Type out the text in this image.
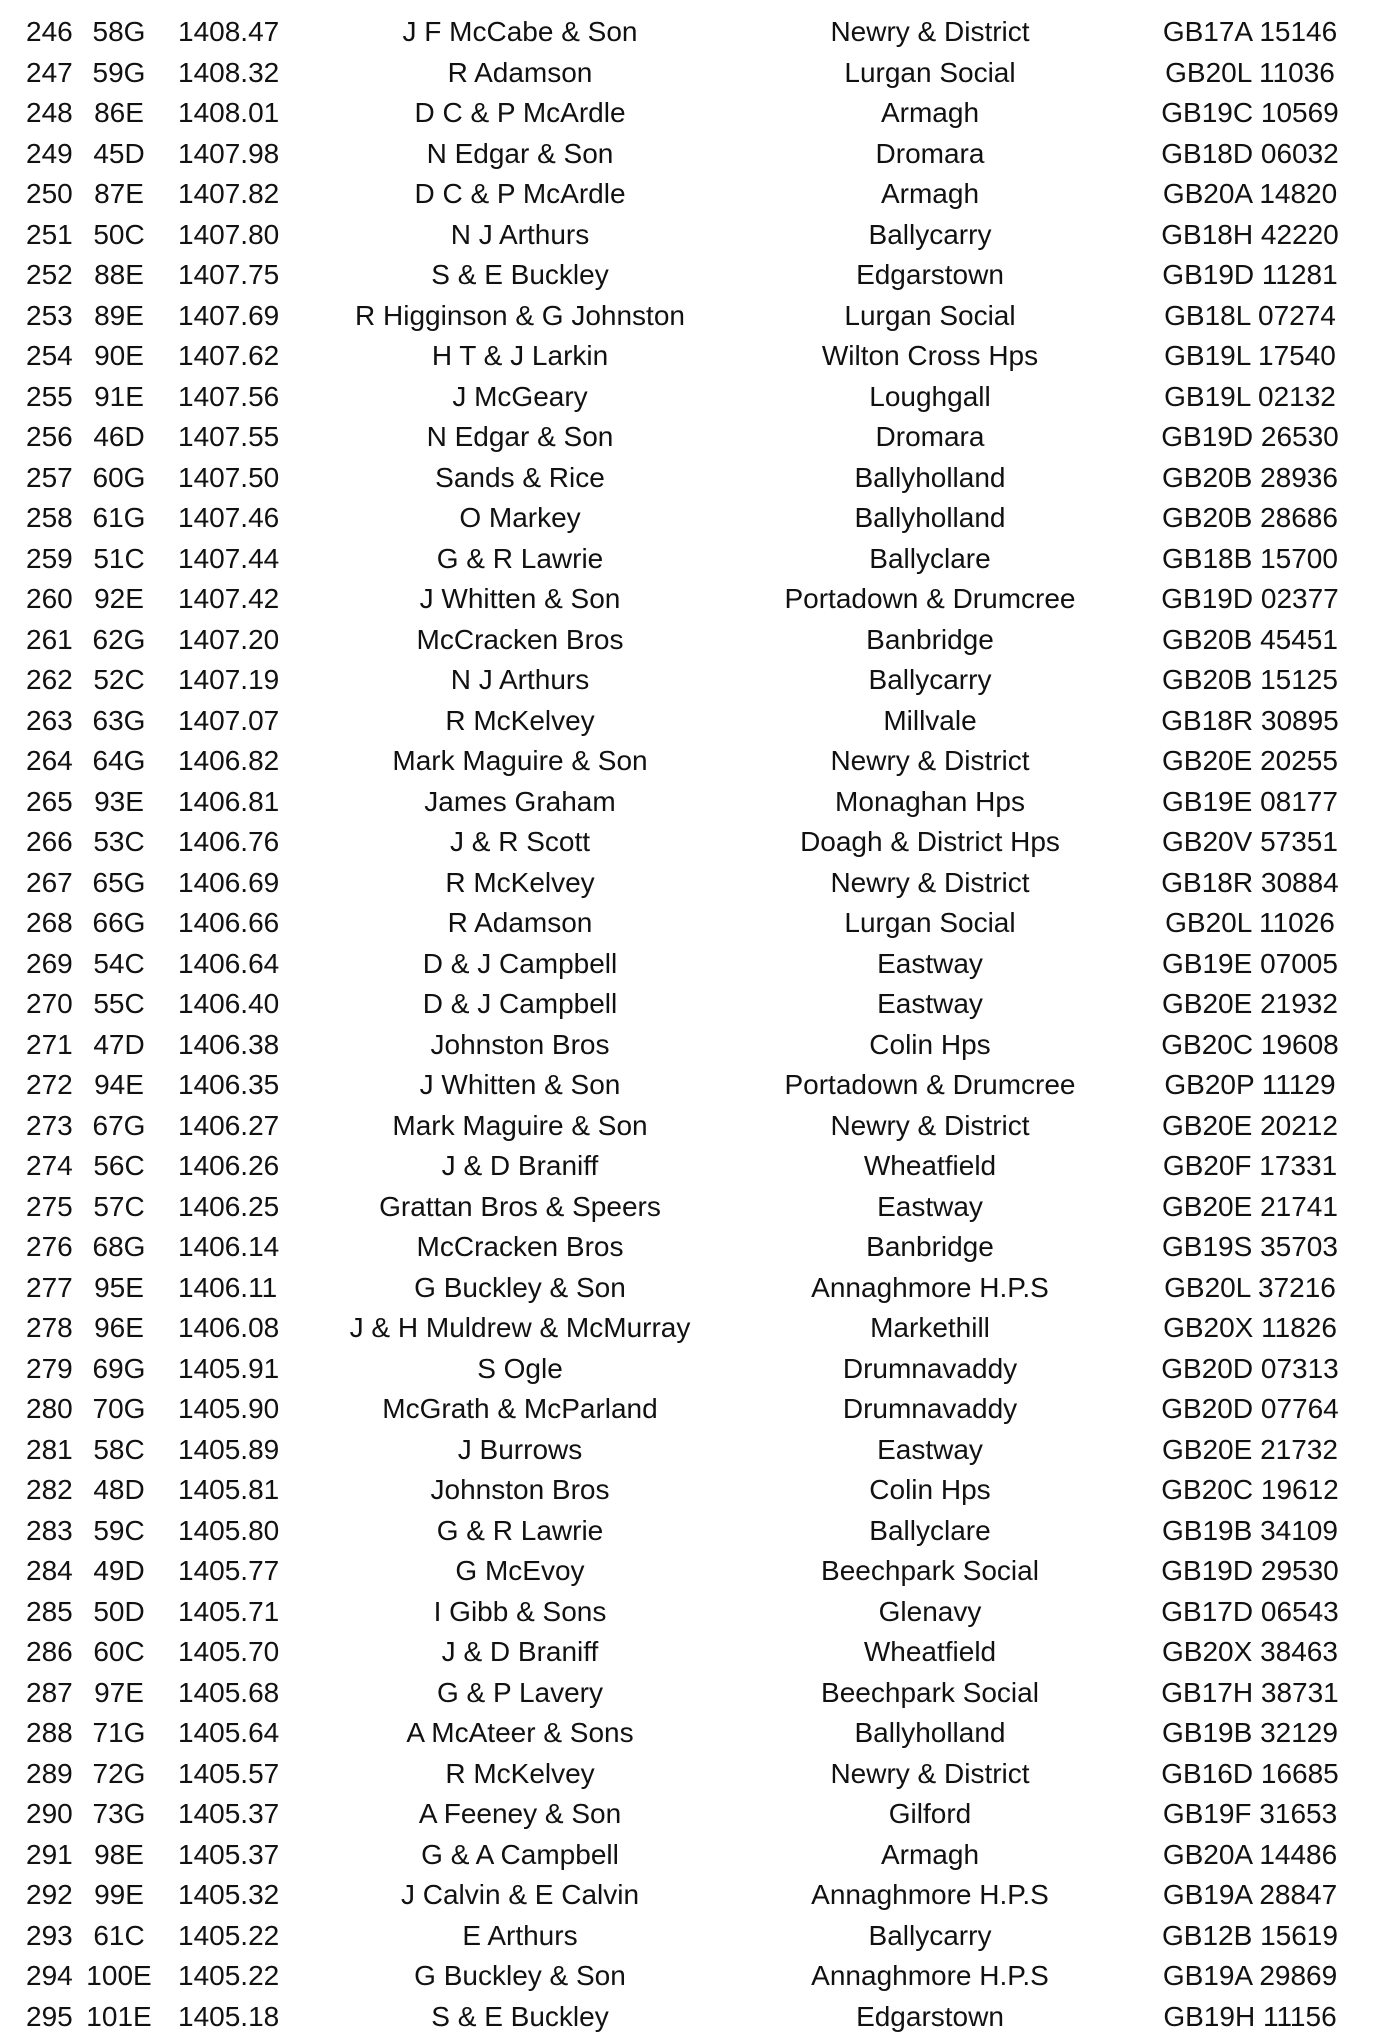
246 58G 1408.47	J F McCabe & Son	Newry & District	GB17A 15146
247 59G 1408.32	R Adamson	Lurgan Social	GB20L 11036
248 86E 1408.01	D C & P McArdle	Armagh	GB19C 10569
249 45D 1407.98	N Edgar & Son	Dromara	GB18D 06032
250 87E 1407.82	D C & P McArdle	Armagh	GB20A 14820
251 50C 1407.80	N J Arthurs	Ballycarry	GB18H 42220
252 88E 1407.75	S & E Buckley	Edgarstown	GB19D 11281
253 89E 1407.69	R Higginson & G Johnston	Lurgan Social	GB18L 07274
254 90E 1407.62	H T & J Larkin	Wilton Cross Hps	GB19L 17540
255 91E 1407.56	J McGeary	Loughgall	GB19L 02132
256 46D 1407.55	N Edgar & Son	Dromara	GB19D 26530
257 60G 1407.50	Sands & Rice	Ballyholland	GB20B 28936
258 61G 1407.46	O Markey	Ballyholland	GB20B 28686
259 51C 1407.44	G & R Lawrie	Ballyclare	GB18B 15700
260 92E 1407.42	J Whitten & Son	Portadown & Drumcree	GB19D 02377
261 62G 1407.20	McCracken Bros	Banbridge	GB20B 45451
262 52C 1407.19	N J Arthurs	Ballycarry	GB20B 15125
263 63G 1407.07	R McKelvey	Millvale	GB18R 30895
264 64G 1406.82	Mark Maguire & Son	Newry & District	GB20E 20255
265 93E 1406.81	James Graham	Monaghan Hps	GB19E 08177
266 53C 1406.76	J & R Scott	Doagh & District Hps	GB20V 57351
267 65G 1406.69	R McKelvey	Newry & District	GB18R 30884
268 66G 1406.66	R Adamson	Lurgan Social	GB20L 11026
269 54C 1406.64	D & J Campbell	Eastway	GB19E 07005
270 55C 1406.40	D & J Campbell	Eastway	GB20E 21932
271 47D 1406.38	Johnston Bros	Colin Hps	GB20C 19608
272 94E 1406.35	J Whitten & Son	Portadown & Drumcree	GB20P 11129
273 67G 1406.27	Mark Maguire & Son	Newry & District	GB20E 20212
274 56C 1406.26	J & D Braniff	Wheatfield	GB20F 17331
275 57C 1406.25	Grattan Bros & Speers	Eastway	GB20E 21741
276 68G 1406.14	McCracken Bros	Banbridge	GB19S 35703
277 95E 1406.11	G Buckley & Son	Annaghmore H.P.S	GB20L 37216
278 96E 1406.08	J & H Muldrew & McMurray	Markethill	GB20X 11826
279 69G 1405.91	S Ogle	Drumnavaddy	GB20D 07313
280 70G 1405.90	McGrath & McParland	Drumnavaddy	GB20D 07764
281 58C 1405.89	J Burrows	Eastway	GB20E 21732
282 48D 1405.81	Johnston Bros	Colin Hps	GB20C 19612
283 59C 1405.80	G & R Lawrie	Ballyclare	GB19B 34109
284 49D 1405.77	G McEvoy	Beechpark Social	GB19D 29530
285 50D 1405.71	I Gibb & Sons	Glenavy	GB17D 06543
286 60C 1405.70	J & D Braniff	Wheatfield	GB20X 38463
287 97E 1405.68	G & P Lavery	Beechpark Social	GB17H 38731
288 71G 1405.64	A McAteer & Sons	Ballyholland	GB19B 32129
289 72G 1405.57	R McKelvey	Newry & District	GB16D 16685
290 73G 1405.37	A Feeney & Son	Gilford	GB19F 31653
291 98E 1405.37	G & A Campbell	Armagh	GB20A 14486
292 99E 1405.32	J Calvin & E Calvin	Annaghmore H.P.S	GB19A 28847
293 61C 1405.22	E Arthurs	Ballycarry	GB12B 15619
294 100E 1405.22	G Buckley & Son	Annaghmore H.P.S	GB19A 29869
295 101E 1405.18	S & E Buckley	Edgarstown	GB19H 11156
